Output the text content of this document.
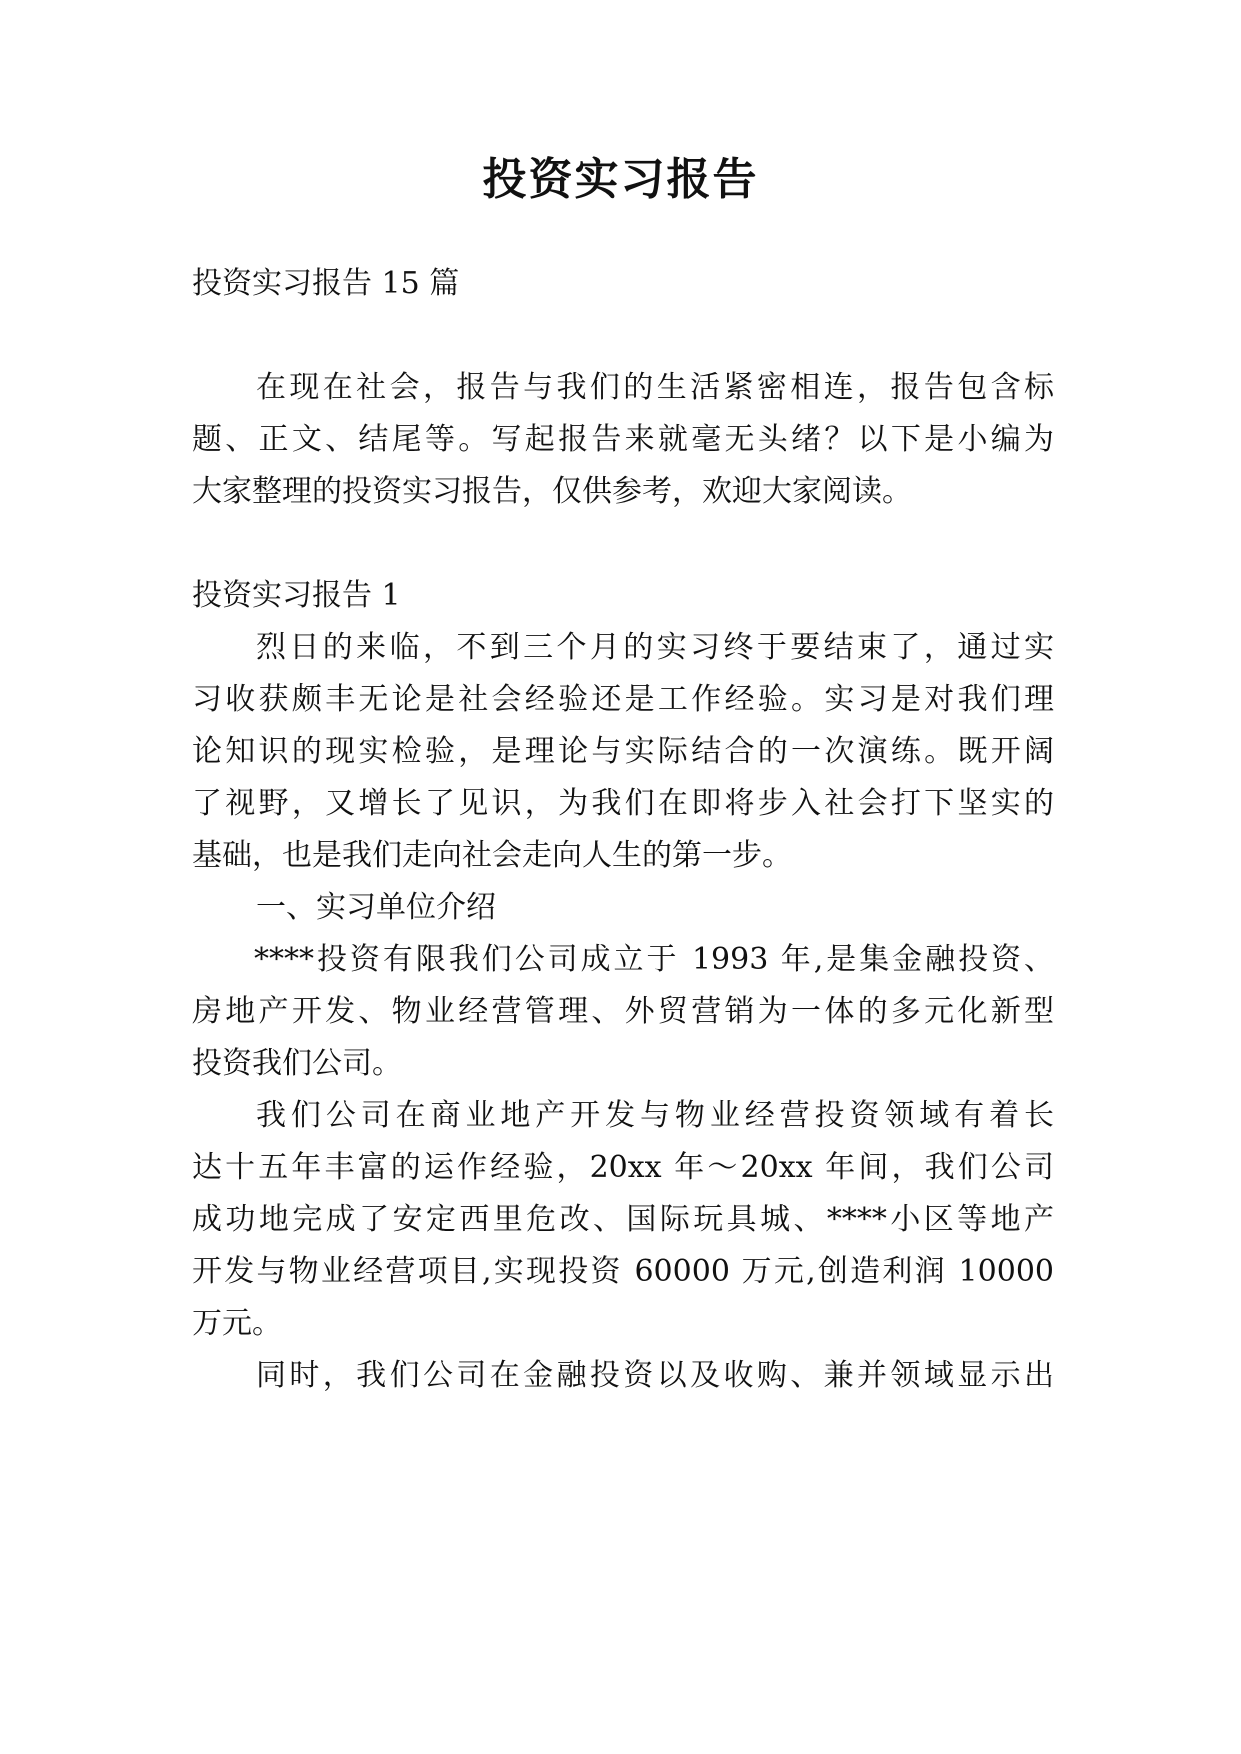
投资实习报告
投资实习报告 15 篇
在现在社会，报告与我们的生活紧密相连，报告包含标
题、正文、结尾等。写起报告来就毫无头绪？以下是小编为
大家整理的投资实习报告，仅供参考，欢迎大家阅读。
投资实习报告 1
烈日的来临，不到三个月的实习终于要结束了，通过实
习收获颇丰无论是社会经验还是工作经验。实习是对我们理
论知识的现实检验，是理论与实际结合的一次演练。既开阔
了视野，又增长了见识，为我们在即将步入社会打下坚实的
基础，也是我们走向社会走向人生的第一步。
一、实习单位介绍
****投资有限我们公司成立于 1993 年,是集金融投资、
房地产开发、物业经营管理、外贸营销为一体的多元化新型
投资我们公司。
我们公司在商业地产开发与物业经营投资领域有着长
达十五年丰富的运作经验，20xx 年～20xx 年间，我们公司
成功地完成了安定西里危改、国际玩具城、****小区等地产
开发与物业经营项目,实现投资 60000 万元,创造利润 10000
万元。
同时，我们公司在金融投资以及收购、兼并领域显示出
